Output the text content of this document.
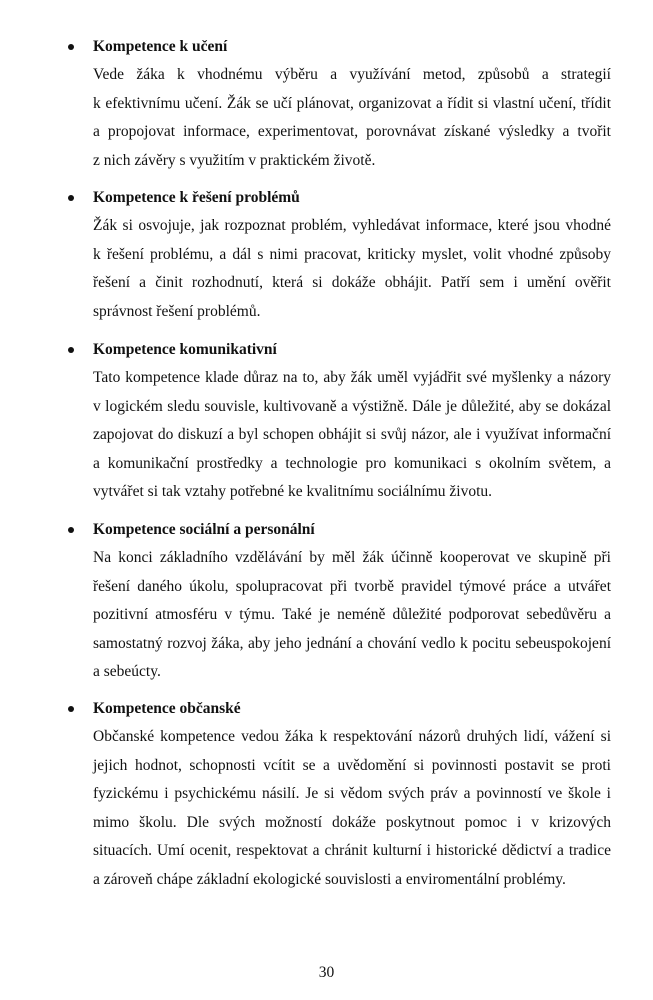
Kompetence k učení
Vede žáka k vhodnému výběru a využívání metod, způsobů a strategií
k efektivnímu učení. Žák se učí plánovat, organizovat a řídit si vlastní učení, třídit
a propojovat informace, experimentovat, porovnávat získané výsledky a tvořit
z nich závěry s využitím v praktickém životě.
Kompetence k řešení problémů
Žák si osvojuje, jak rozpoznat problém, vyhledávat informace, které jsou vhodné
k řešení problému, a dál s nimi pracovat, kriticky myslet, volit vhodné způsoby
řešení a činit rozhodnutí, která si dokáže obhájit. Patří sem i umění ověřit
správnost řešení problémů.
Kompetence komunikativní
Tato kompetence klade důraz na to, aby žák uměl vyjádřit své myšlenky a názory
v logickém sledu souvisle, kultivovaně a výstižně. Dále je důležité, aby se dokázal
zapojovat do diskuzí a byl schopen obhájit si svůj názor, ale i využívat informační
a komunikační prostředky a technologie pro komunikaci s okolním světem, a
vytvářet si tak vztahy potřebné ke kvalitnímu sociálnímu životu.
Kompetence sociální a personální
Na konci základního vzdělávání by měl žák účinně kooperovat ve skupině při
řešení daného úkolu, spolupracovat při tvorbě pravidel týmové práce a utvářet
pozitivní atmosféru v týmu. Také je neméně důležité podporovat sebedůvěru a
samostatný rozvoj žáka, aby jeho jednání a chování vedlo k pocitu sebeuspokojení
a sebeúcty.
Kompetence občanské
Občanské kompetence vedou žáka k respektování názorů druhých lidí, vážení si
jejich hodnot, schopnosti vcítit se a uvědomění si povinnosti postavit se proti
fyzickému i psychickému násilí. Je si vědom svých práv a povinností ve škole i
mimo školu. Dle svých možností dokáže poskytnout pomoc i v krizových
situacích. Umí ocenit, respektovat a chránit kulturní i historické dědictví a tradice
a zároveň chápe základní ekologické souvislosti a enviromentální problémy.
30
